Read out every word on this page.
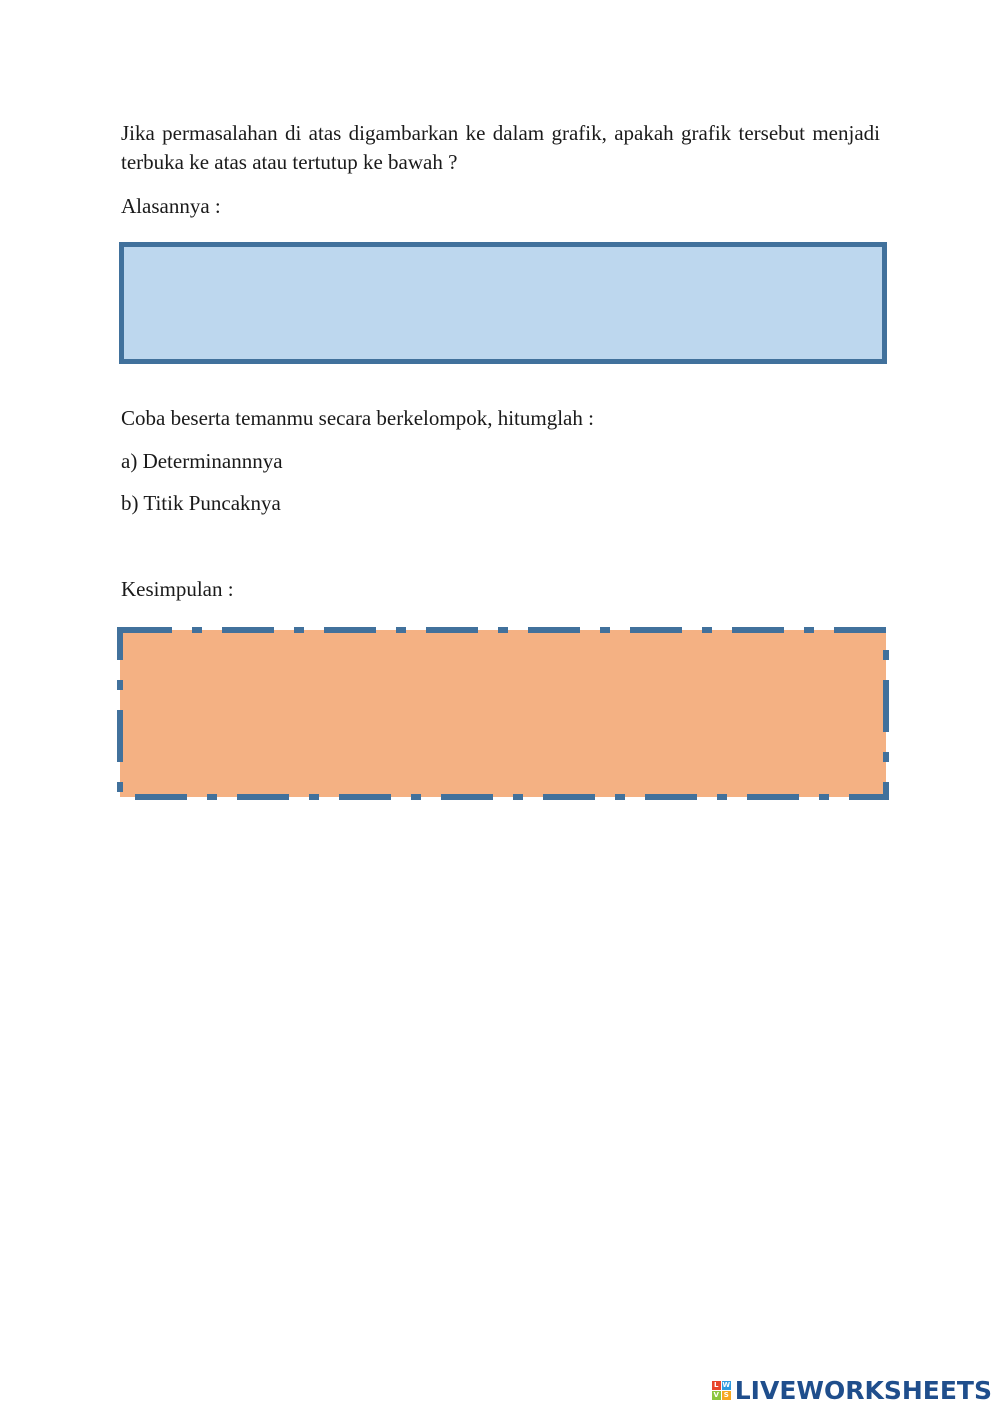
Jika permasalahan di atas digambarkan ke dalam grafik, apakah grafik tersebut menjadi terbuka ke atas atau tertutup ke bawah ?

Alasannya :

Coba beserta temanmu secara berkelompok, hitumglah :

a) Determinannnya

b) Titik Puncaknya

Kesimpulan :

L W
V S LIVEWORKSHEETS
